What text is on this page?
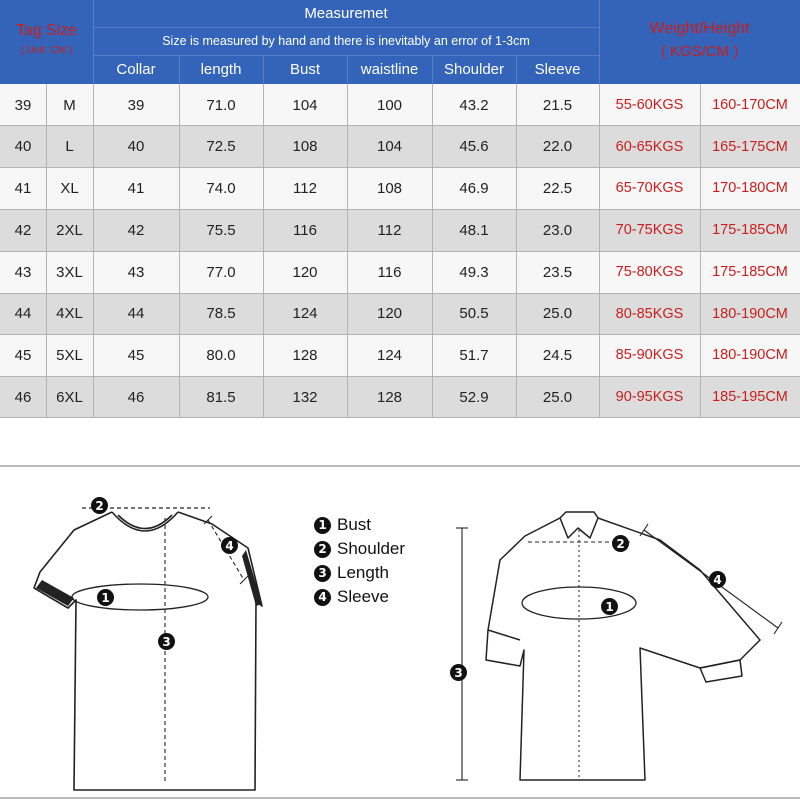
Tag Size
( Unit: CM )
Measuremet
Size is measured by hand and there is inevitably an error of 1-3cm
Weight/Height
( KGS/CM )
Collar	length	Bust	waistline	Shoulder	Sleeve
39	M	39	71.0	104	100	43.2	21.5	55-60KGS	160-170CM
40	L	40	72.5	108	104	45.6	22.0	60-65KGS	165-175CM
41	XL	41	74.0	112	108	46.9	22.5	65-70KGS	170-180CM
42	2XL	42	75.5	116	112	48.1	23.0	70-75KGS	175-185CM
43	3XL	43	77.0	120	116	49.3	23.5	75-80KGS	175-185CM
44	4XL	44	78.5	124	120	50.5	25.0	80-85KGS	180-190CM
45	5XL	45	80.0	128	124	51.7	24.5	85-90KGS	180-190CM
46	6XL	46	81.5	132	128	52.9	25.0	90-95KGS	185-195CM
2
4
1
3
1 Bust
2 Shoulder
3 Length
4 Sleeve
2
4
1
3
